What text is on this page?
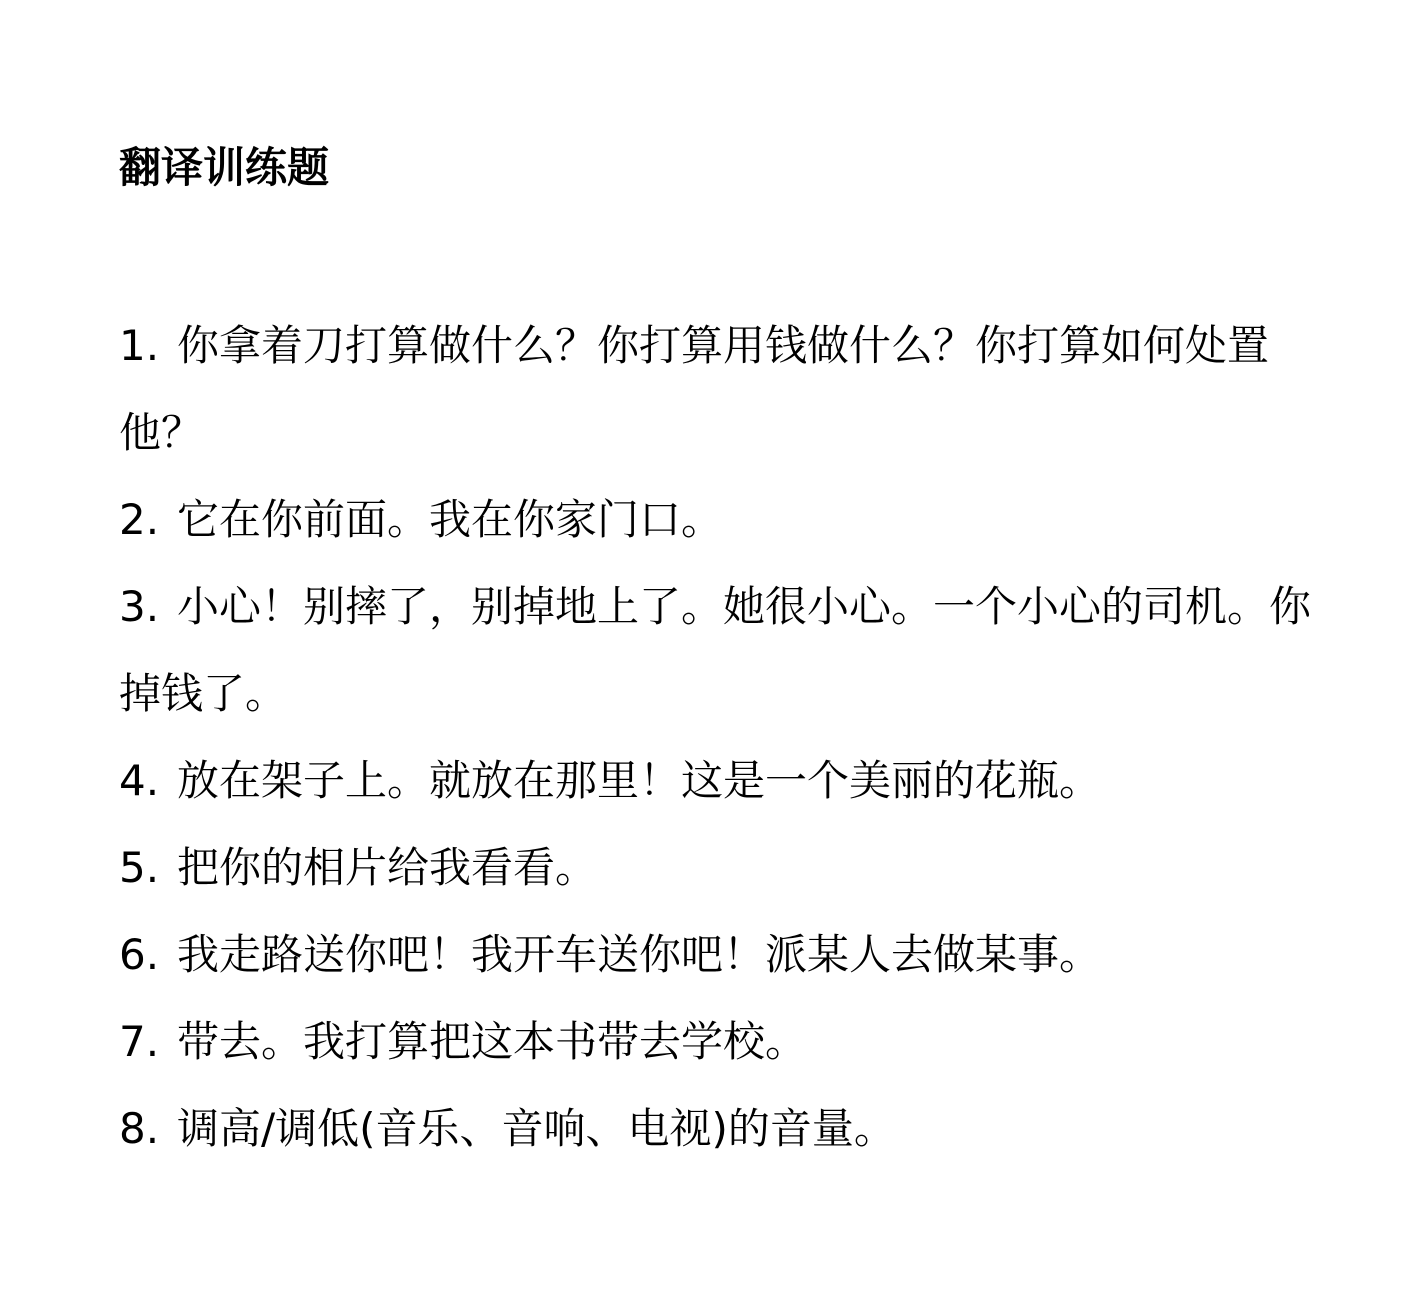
翻译训练题
1. 你拿着刀打算做什么？你打算用钱做什么？你打算如何处置他？
2. 它在你前面。我在你家门口。
3. 小心！别摔了，别掉地上了。她很小心。一个小心的司机。你掉钱了。
4. 放在架子上。就放在那里！这是一个美丽的花瓶。
5. 把你的相片给我看看。
6. 我走路送你吧！我开车送你吧！派某人去做某事。
7. 带去。我打算把这本书带去学校。
8. 调高/调低(音乐、音响、电视)的音量。
